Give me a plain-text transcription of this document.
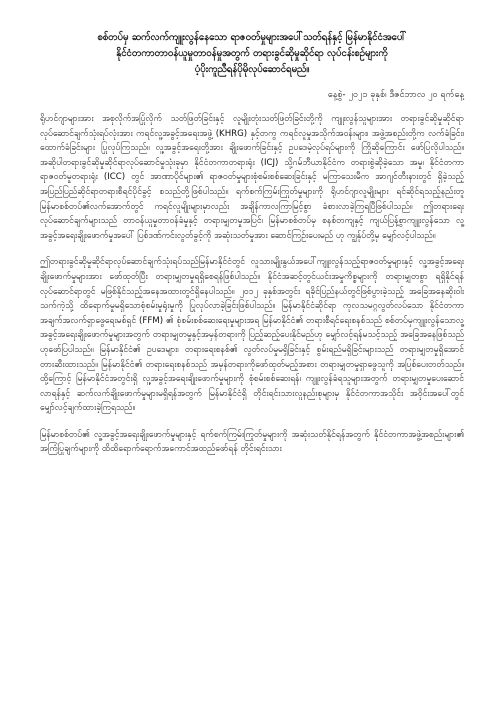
စစ်တပ်မှ ဆက်လက်ကျူးလွန်နေသော ရာဇဝတ်မှုများအပေါ်သတ်ရန်နှင့် မြန်မာနိုင်ငံအပေါ်
နိုင်ငံတကာတာဝန်ယူမှုတာဝန်မှုအတွက် တရားခွင်ဆိုမှုဆိုင်ရာ လုပ်ငန်းစဉ်များကို
ပံ့ပိုးကူညီရန်ပိုမိုလုပ်ဆောင်ရမည်။
နေ့စွဲ- ၂၀၂၁ ခုနှစ်၊ ဒီဇင်ဘာလ ၂၀ ရက်နေ့

ရိုဟင်ဂျာများအား အစုလိုက်အပြုံလိုက် သတ်ဖြတ်ခြင်းနှင့် လူမျိုးတုံးသတ်ဖြတ်ခြင်းတို့ကို ကျူးလွန်သူများအား တရားခွင်ဆိုမှုဆိုင်ရာ လုပ်ဆောင်ချက်သုံးရပ်လုံးအား ကရင်လူ့အခွင့်အရေးအဖွဲ့ (KHRG) နှင့်တကွ ကရင်လူမှုအသိုက်အဝန်းများ၊ အဖွဲ့အစည်းတို့က လက်ခံခြင်း၊ ထောက်ခံခြင်းများ ပြုလုပ်ကြသည်။ လူ့အခွင့်အရေးတို့အား ချိုးဖောက်ခြင်းနှင့် ဥပဒေမဲ့လုပ်ရပ်များကို ကြိုဆိုကြောင်း ဖော်ပြလိုပါသည်။ အဆိုပါတရားခွင်ဆိုမှုဆိုင်ရာလုပ်ဆောင်မှုသုံးခုမှာ နိုင်ငံတကာတရားရုံး (ICJ) သို့ဂမ်ဘီယာနိုင်ငံက တရားစွဲဆိုခဲ့သော အမှု၊ နိုင်ငံတကာရာဇဝတ်မှုတရားရုံး (ICC) တွင် အာဏာပိုင်များ၏ ရာဇဝတ်မှုများစုံစမ်းစစ်ဆေးခြင်းနှင့် မကြာသေးမီက အာဂျင်တီးနားတွင် ရှိခဲ့သည့် အပြည်ပြည်ဆိုင်ရာတရားစီရင်ပိုင်ခွင့် စသည်တို့ဖြစ်ပါသည်။ ရက်စက်ကြမ်းကြုတ်မှုများကို ရိုဟင်ဂျာလူမျိုးများ ရင်ဆိုင်ရသည့်နည်းတူ မြန်မာစစ်တပ်၏လက်အောက်တွင် ကရင်လူမျိုးများမှာလည်း အချိန်ကာလကြာမြင့်စွာ ခံစားလာခဲ့ကြရပြီဖြစ်ပါသည်။ ဤတရားရေးလုပ်ဆောင်ချက်များသည် တာဝန်ယူမှုတာဝန်ခံမှုနှင့် တရားမျှတမှုအပြင်၊ မြန်မာစစ်တပ်မှ စနစ်တကျနှင့် ကျယ်ပြန့်စွာကျူးလွန်သော လူ့အခွင့်အရေးချိုးဖောက်မှုအပေါ် ပြစ်ဒဏ်ကင်းလွတ်ခွင့်ကို အဆုံးသတ်မှုအား ဆောင်ကြဉ်းပေးမည် ဟု ကျွန်ုပ်တို့မှ မျှော်လင့်ပါသည်။

ဤတရားခွင်ဆိုမှုဆိုင်ရာလုပ်ဆောင်ချက်သုံးရပ်သည်မြန်မာနိုင်ငံတွင် လူသားမျိုးနွယ်အပေါ်ကျူးလွန်သည့်ရာဇဝတ်မှုများနှင့် လူ့အခွင့်အရေးချိုးဖောက်မှုများအား ဖော်ထုတ်ပြီး တရားမျှတမှုရရှိစေရန်ဖြစ်ပါသည်။ နိုင်ငံအဆင့်တွင်ယင်းအမှုကိစ္စများကို တရားမျှတစွာ ရရှိနိုင်ရန် လုပ်ဆောင်ရာတွင် မဖြစ်နိုင်သည့်အနေအထားတွင်ရှိနေပါသည်။ ၂၀၁၂ ခုနှစ်အတွင်း ရခိုင်ပြည်နယ်တွင်ဖြစ်ပွားခဲ့သည့် အခြေအနေဆိုးဝါးသက်ကဲ့သို့ ထိရောက်မှုမရှိသောစုံစမ်းမှုရုံးမှုကို ပြုလုပ်လာခဲ့ခြင်းဖြစ်ပါသည်။ မြန်မာနိုင်ငံဆိုင်ရာ ကုလသမဂ္ဂလွတ်လပ်သော နိုင်ငံတကာ အချက်အလက်ရှာဖွေရေးမစ်ရှင် (FFM) ၏ စုံစမ်းစစ်ဆေးရေးမှုများအရ မြန်မာနိုင်ငံ၏ တရားစီရင်ရေးစနစ်သည် စစ်တပ်မှကျူးလွန်သောလူ့အခွင့်အရေးချိုးဖောက်မှုများအတွက် တရားမျှတမှုနှင့်အမှန်တရားကို ပြည့်ဆည့်ပေးနိုင်မည်ဟု မျှော်လင့်ရန်မသင့်သည့် အခြေအနေဖြစ်သည်ဟုဖော်ပြပါသည်။ မြန်မာနိုင်ငံ၏ ဥပဒေများ၊ တရားရေးစနစ်၏ လွတ်လပ်မှုမရှိခြင်းနှင့် စွမ်းရည်မရှိခြင်းများသည် တရားမျှတမှုရှိအောင် တားဆီးထားသည်။ မြန်မာနိုင်ငံ၏ တရားရေးစနစ်သည် အမှန်တရားကိုဖော်ထုတ်မည့်အစား တရားမျှတမှုရှာဖွေသူကို အပြစ်ပေးတတ်သည်။ ထို့ကြောင့် မြန်မာနိုင်ငံအတွင်းရှိ လူ့အခွင့်အရေးချိုးဖောက်မှုများကို စုံစမ်းစစ်ဆေးရန်၊ ကျူးလွန်ခံရသူများအတွက် တရားမျှတမှုပေးဆောင်လာရန်နှင့် ဆက်လက်ချိုးဖောက်မှုများမရှိရန်အတွက် မြန်မာနိုင်ငံရှိ တိုင်းရင်းသားလူနည်းစုများမှ နိုင်ငံတကာအသိုင်း အဝိုင်းအပေါ်တွင် မျှော်လင့်ချက်ထားခဲ့ကြရသည်။

မြန်မာစစ်တပ်၏ လူ့အခွင့်အရေးချိုးဖောက်မှုများနှင့် ရက်စက်ကြမ်းကြုတ်မှုများကို အဆုံးသတ်နိုင်ရန်အတွက် နိုင်ငံတကာအဖွဲ့အစည်းများ၏ အကြံပြုချက်များကို ထိထိရောက်ရောက်အကောင်အထည်ဖော်ရန် တိုင်းရင်းသား
